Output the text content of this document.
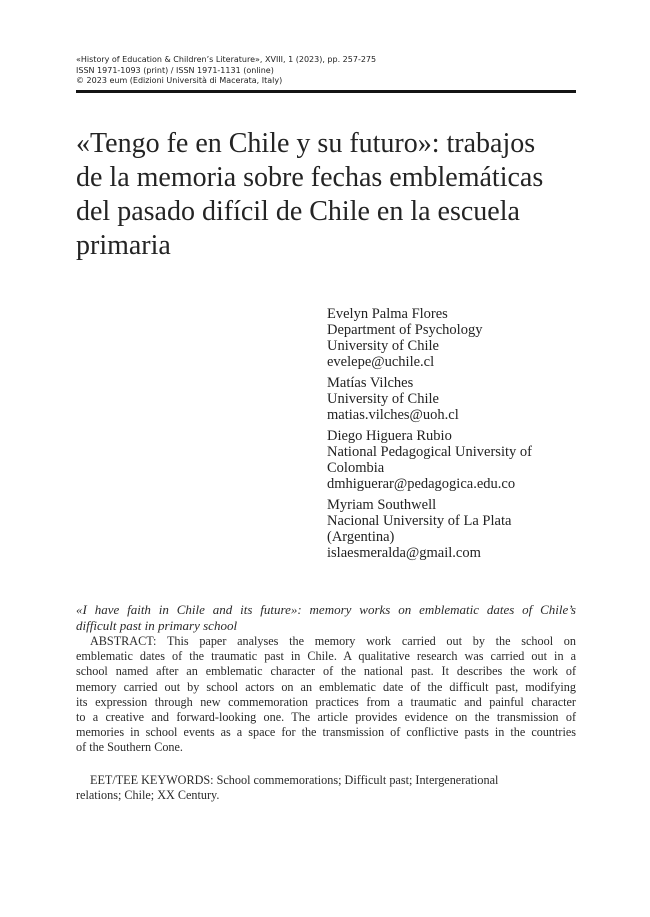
«History of Education & Children’s Literature», XVIII, 1 (2023), pp. 257-275
ISSN 1971-1093 (print) / ISSN 1971-1131 (online)
© 2023 eum (Edizioni Università di Macerata, Italy)
«Tengo fe en Chile y su futuro»: trabajos
de la memoria sobre fechas emblemáticas
del pasado difícil de Chile en la escuela
primaria
Evelyn Palma Flores
Department of Psychology
University of Chile
evelepe@uchile.cl
Matías Vilches
University of Chile
matias.vilches@uoh.cl
Diego Higuera Rubio
National Pedagogical University of
Colombia
dmhiguerar@pedagogica.edu.co
Myriam Southwell
Nacional University of La Plata
(Argentina)
islaesmeralda@gmail.com
«I have faith in Chile and its future»: memory works on emblematic dates of Chile’s
difficult past in primary school
ABSTRACT: This paper analyses the memory work carried out by the school on
emblematic dates of the traumatic past in Chile. A qualitative research was carried out in a
school named after an emblematic character of the national past. It describes the work of
memory carried out by school actors on an emblematic date of the difficult past, modifying
its expression through new commemoration practices from a traumatic and painful character
to a creative and forward-looking one. The article provides evidence on the transmission of
memories in school events as a space for the transmission of conflictive pasts in the countries
of the Southern Cone.
EET/TEE KEYWORDS: School commemorations; Difficult past; Intergenerational
relations; Chile; XX Century.
